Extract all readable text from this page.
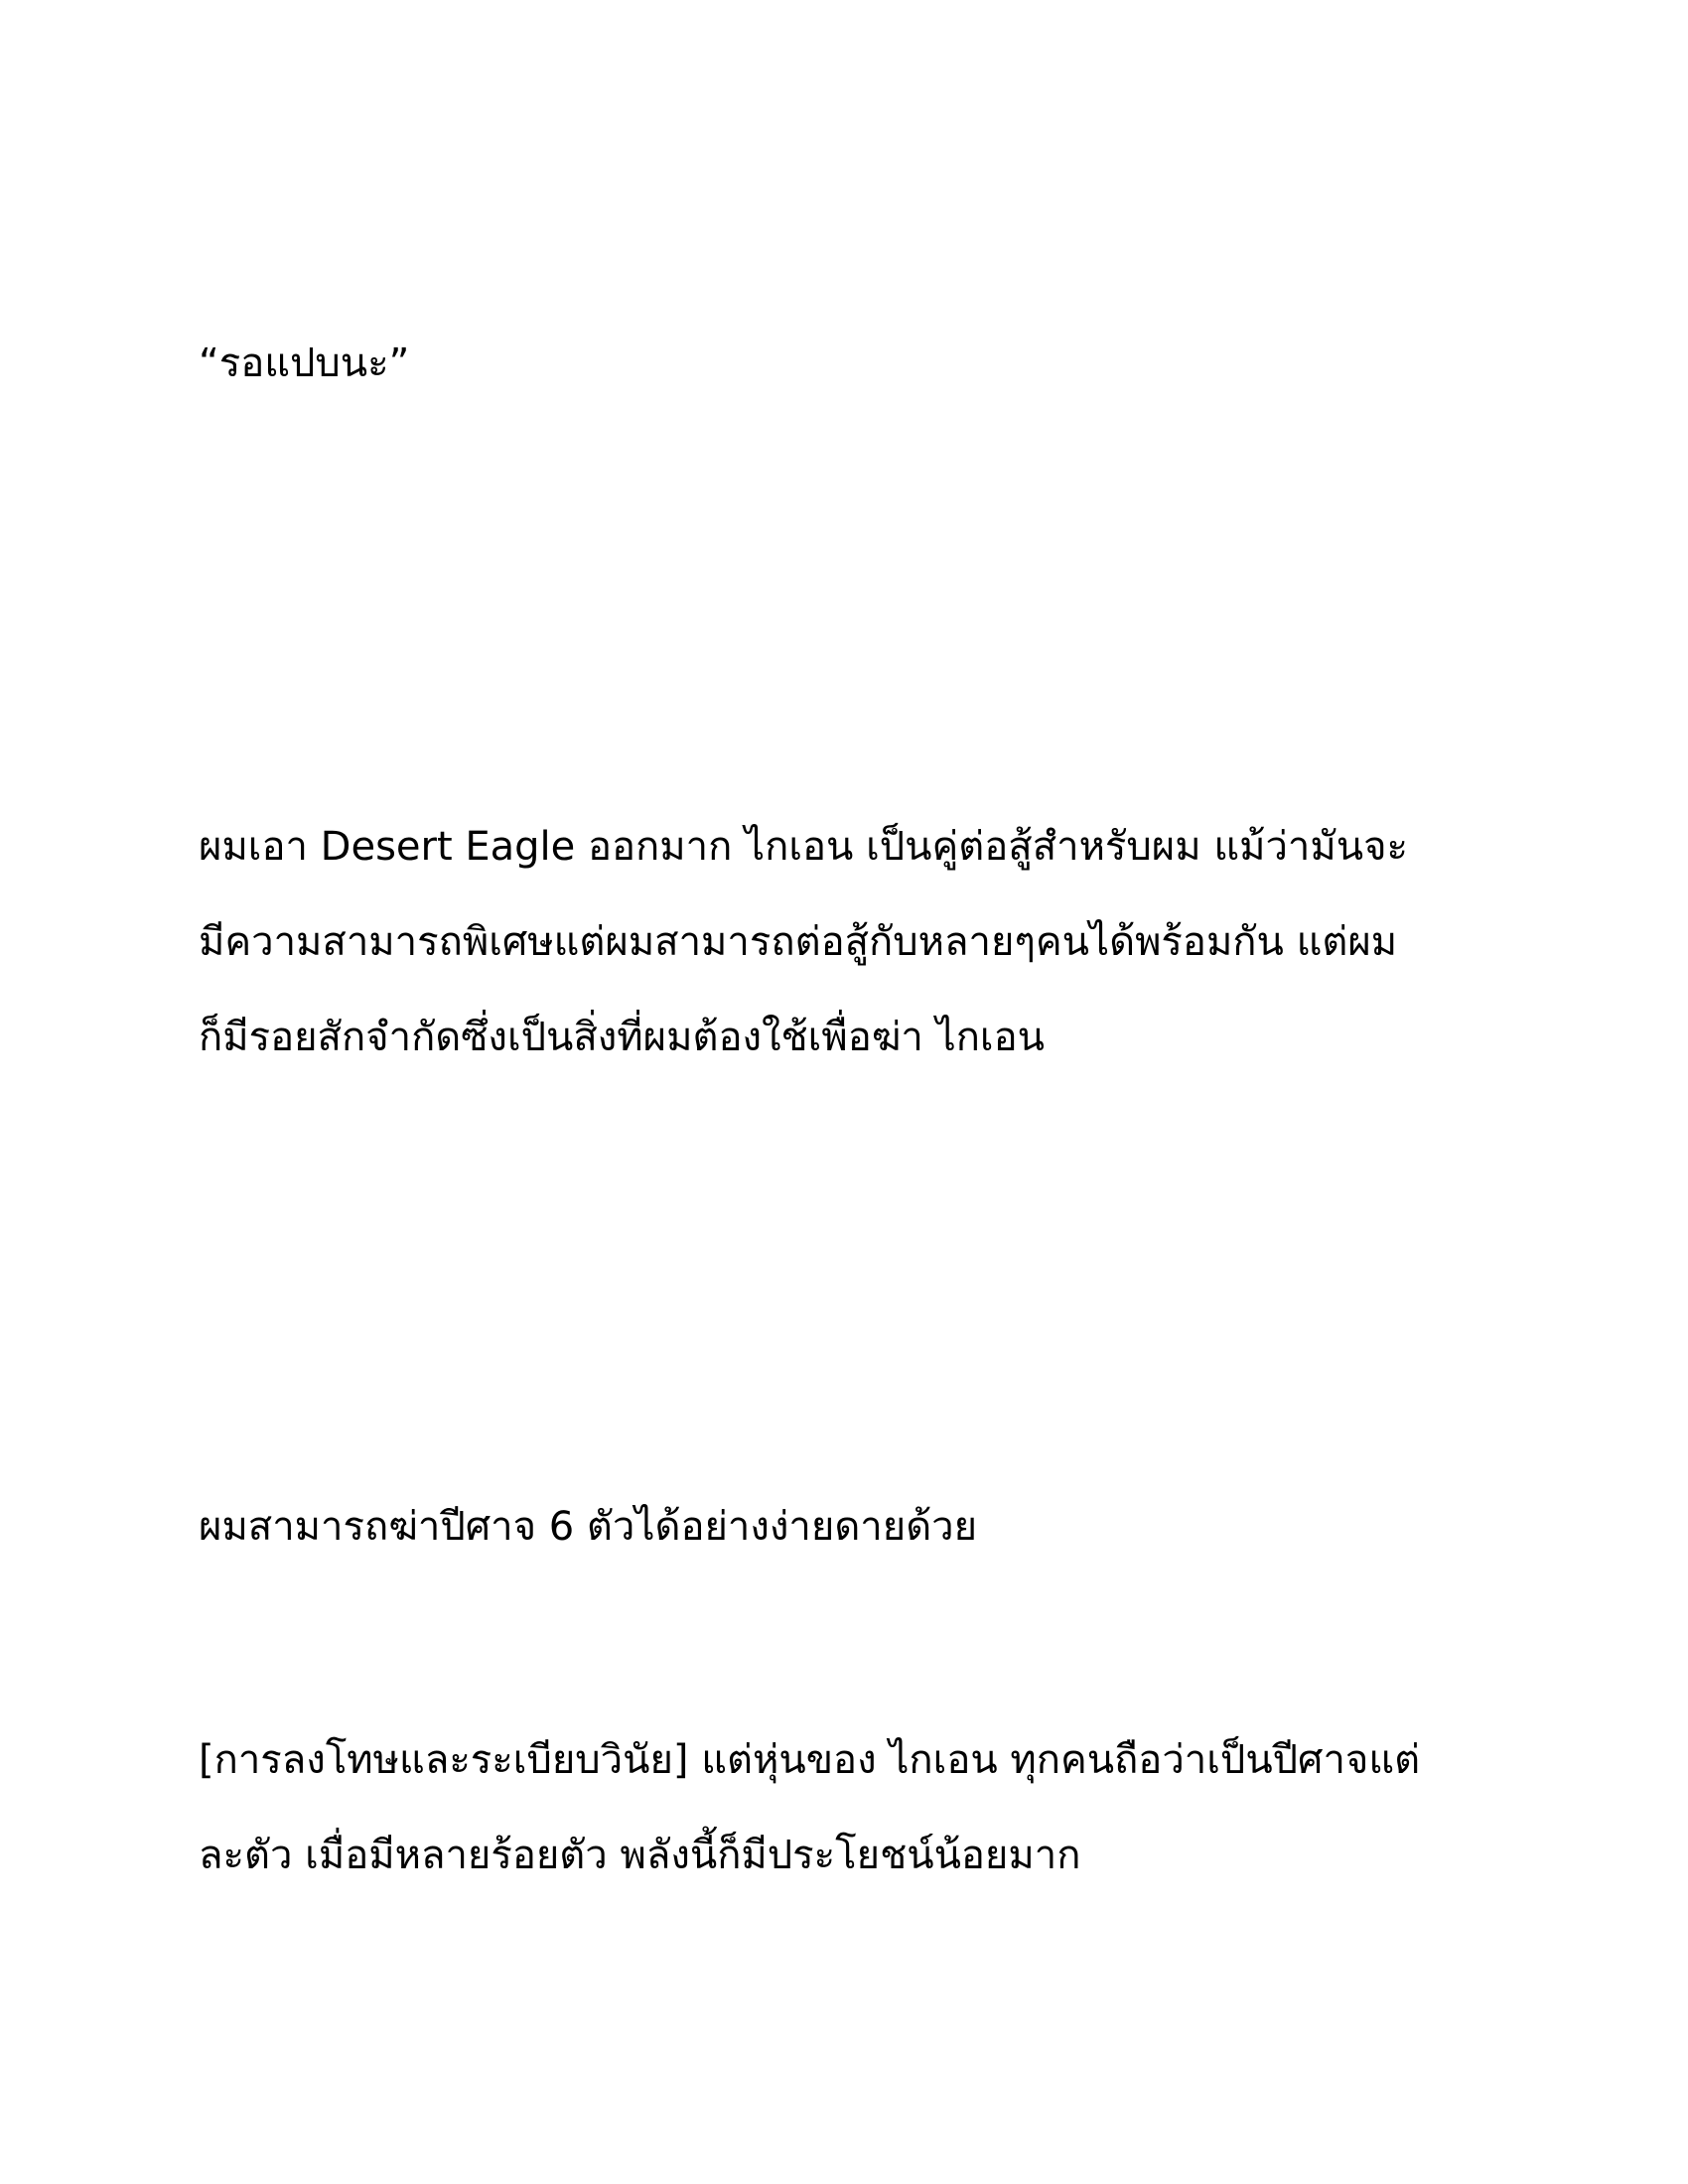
“รอแปบนะ”
ผมเอา Desert Eagle ออกมาก ไกเอน เป็นคู่ต่อสู้สำหรับผม แม้ว่ามันจะ
มีความสามารถพิเศษแต่ผมสามารถต่อสู้กับหลายๆคนได้พร้อมกัน แต่ผม
ก็มีรอยสักจำกัดซึ่งเป็นสิ่งที่ผมต้องใช้เพื่อฆ่า ไกเอน
ผมสามารถฆ่าปีศาจ 6 ตัวได้อย่างง่ายดายด้วย
[การลงโทษและระเบียบวินัย] แต่หุ่นของ ไกเอน ทุกคนถือว่าเป็นปีศาจแต่
ละตัว เมื่อมีหลายร้อยตัว พลังนี้ก็มีประโยชน์น้อยมาก
